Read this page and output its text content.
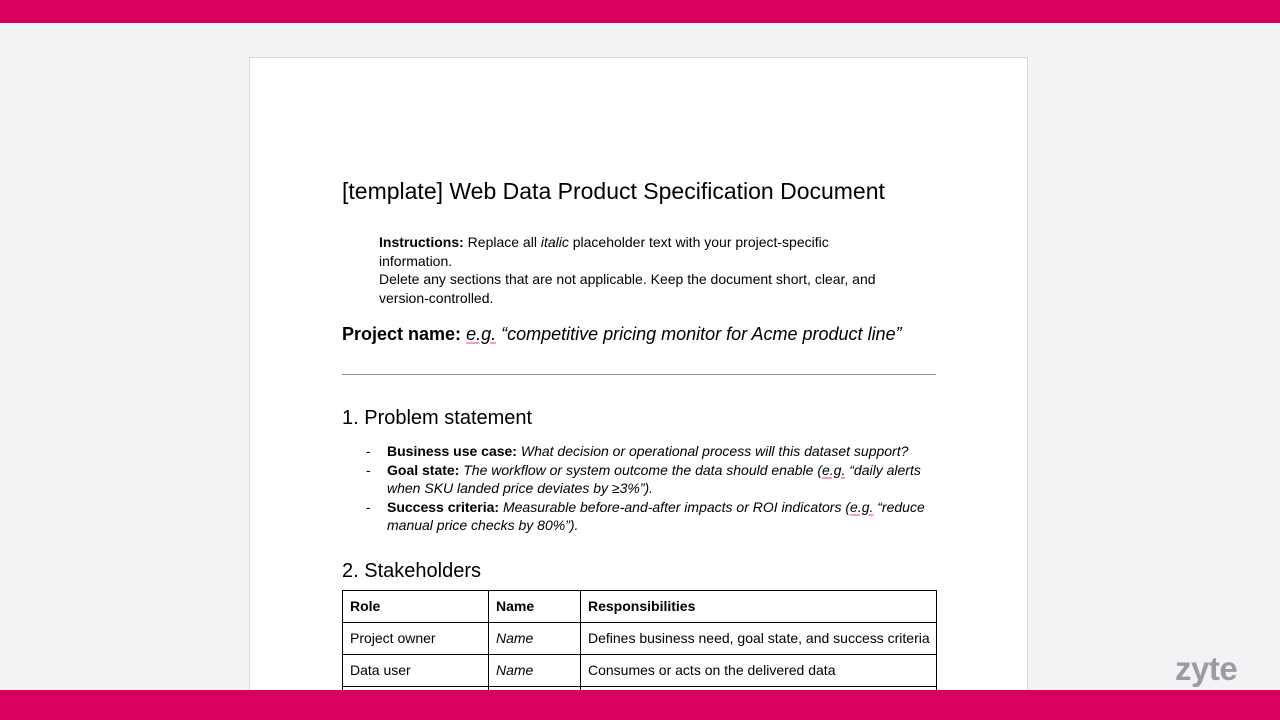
[template] Web Data Product Specification Document
Instructions: Replace all italic placeholder text with your project-specific information.
Delete any sections that are not applicable. Keep the document short, clear, and version-controlled.
Project name: e.g. “competitive pricing monitor for Acme product line”
1. Problem statement
- Business use case: What decision or operational process will this dataset support?
- Goal state: The workflow or system outcome the data should enable (e.g. “daily alerts when SKU landed price deviates by ≥3%”).
- Success criteria: Measurable before-and-after impacts or ROI indicators (e.g. “reduce manual price checks by 80%”).
2. Stakeholders
Role	Name	Responsibilities
Project owner	Name	Defines business need, goal state, and success criteria
Data user	Name	Consumes or acts on the delivered data
			zyte
